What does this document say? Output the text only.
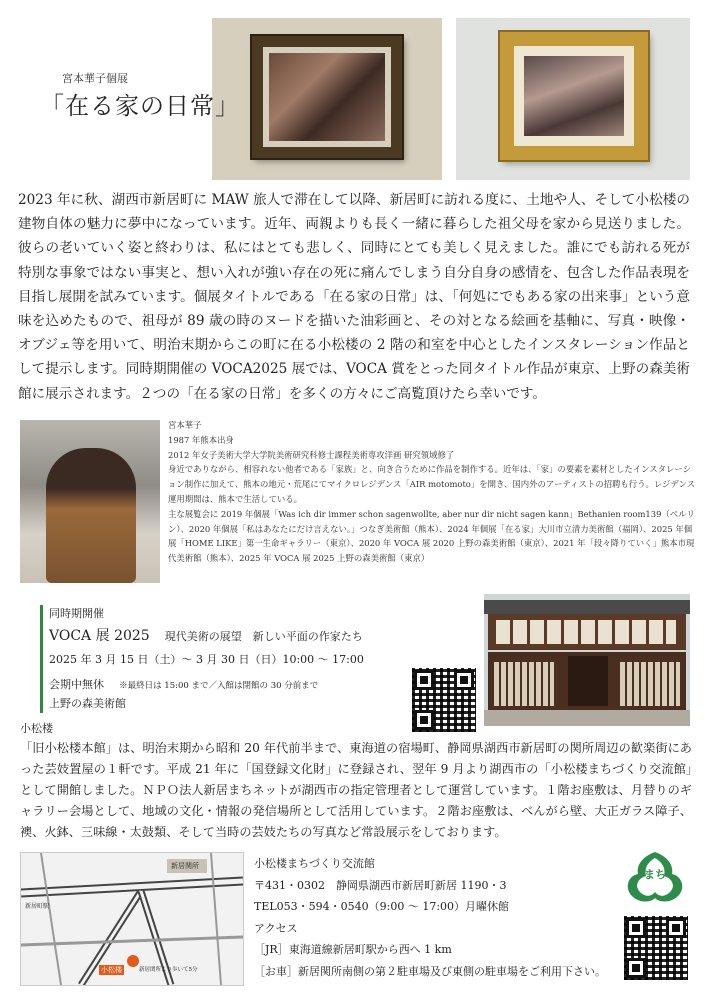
宮本華子個展
「在る家の日常」
2023 年に秋、湖西市新居町に MAW 旅人で滞在して以降、新居町に訪れる度に、土地や人、そして小松楼の建物自体の魅力に夢中になっています。近年、両親よりも長く一緒に暮らした祖父母を家から見送りました。彼らの老いていく姿と終わりは、私にはとても悲しく、同時にとても美しく見えました。誰にでも訪れる死が特別な事象ではない事実と、想い入れが強い存在の死に痛んでしまう自分自身の感情を、包含した作品表現を目指し展開を試みています。個展タイトルである「在る家の日常」は、「何処にでもある家の出来事」という意味を込めたもので、祖母が 89 歳の時のヌードを描いた油彩画と、その対となる絵画を基軸に、写真・映像・オブジェ等を用いて、明治末期からこの町に在る小松楼の 2 階の和室を中心としたインスタレーション作品として提示します。同時期開催の VOCA2025 展では、VOCA 賞をとった同タイトル作品が東京、上野の森美術館に展示されます。２つの「在る家の日常」を多くの方々にご高覧頂けたら幸いです。

宮本華子

1987 年熊本出身

2012 年女子美術大学大学院美術研究科修士課程美術専攻洋画 研究領域修了

身近でありながら、相容れない他者である「家族」と、向き合うために作品を制作する。近年は、「家」の要素を素材としたインスタレーション制作に加えて、熊本の地元・荒尾にてマイクロレジデンス「AIR motomoto」を開き、国内外のアーティストの招聘も行う。レジデンス運用期間は、熊本で生活している。

主な展覧会に 2019 年個展「Was ich dir immer schon sagenwollte, aber nur dir nicht sagen kann」Bethanien room139（ベルリン）、2020 年個展「私はあなたにだけ言えない。」つなぎ美術館（熊本）、2024 年個展「在る家」大川市立清力美術館（福岡）、2025 年個展「HOME LIKE」第一生命ギャラリー（東京）、2020 年 VOCA 展 2020 上野の森美術館（東京）、2021 年「段々降りていく」熊本市現代美術館（熊本）、2025 年 VOCA 展 2025 上野の森美術館（東京）

同時期開催
VOCA 展 2025 現代美術の展望　新しい平面の作家たち
2025 年 3 月 15 日（土）～ 3 月 30 日（日）10:00 ～ 17:00
会期中無休 ※最終日は 15:00 まで／入館は閉館の 30 分前まで
上野の森美術館
小松楼
「旧小松楼本館」は、明治末期から昭和 20 年代前半まで、東海道の宿場町、静岡県湖西市新居町の関所周辺の歓楽街にあった芸妓置屋の１軒です。平成 21 年に「国登録文化財」に登録され、翌年 9 月より湖西市の「小松楼まちづくり交流館」として開館しました。ＮＰＯ法人新居まちネットが湖西市の指定管理者として運営しています。１階お座敷は、月替りのギャラリー会場として、地域の文化・情報の発信場所として活用しています。２階お座敷は、べんがら壁、大正ガラス障子、襖、火鉢、三味線・太鼓類、そして当時の芸妓たちの写真など常設展示をしております。
新居関所
新居町駅
新居関所より歩いて5分
小松楼
小松楼まちづくり交流館
〒431・0302　静岡県湖西市新居町新居 1190・3
TEL053・594・0540（9:00 ～ 17:00）月曜休館
アクセス
［JR］東海道線新居町駅から西へ 1 km
［お車］新居関所南側の第２駐車場及び東側の駐車場をご利用下さい。
まち
